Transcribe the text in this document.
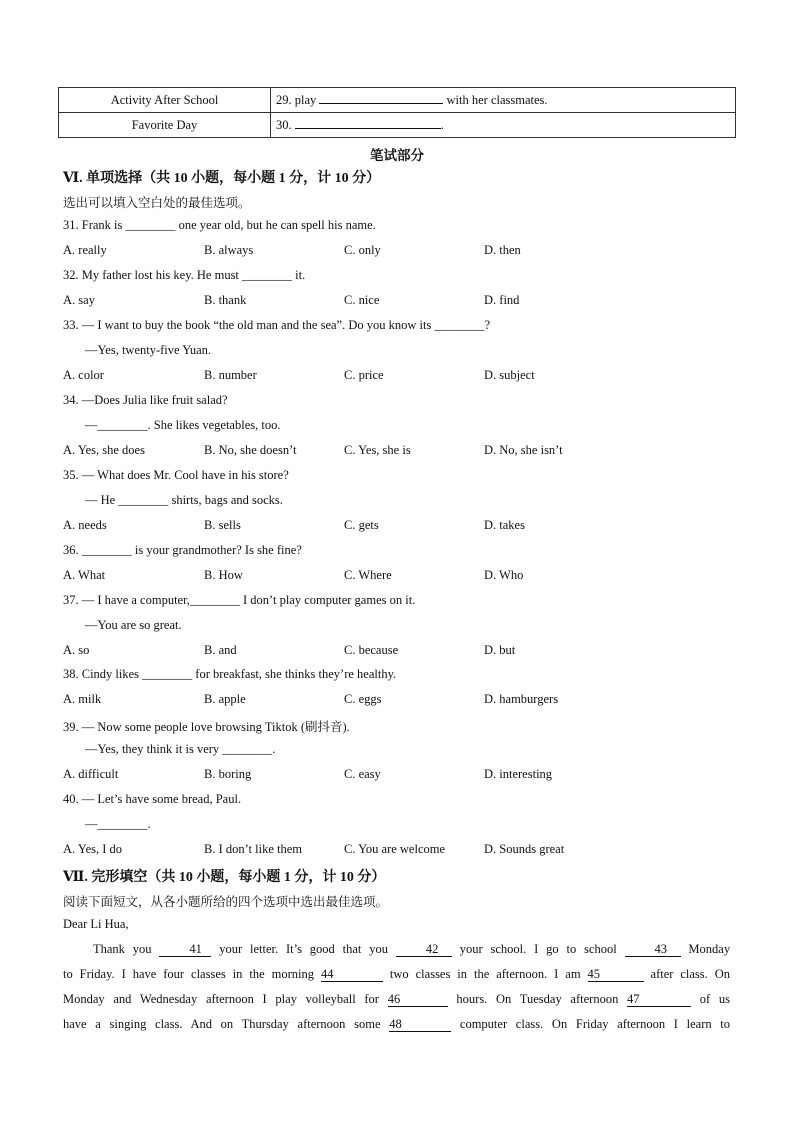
Activity After School	29. play with her classmates.
Favorite Day	30. .
笔试部分
Ⅵ. 单项选择（共 10 小题，每小题 1 分，计 10 分）
选出可以填入空白处的最佳选项。
31. Frank is ________ one year old, but he can spell his name.
A. really	B. always	C. only	D. then
32. My father lost his key. He must ________ it.
A. say	B. thank	C. nice	D. find
33. — I want to buy the book “the old man and the sea”. Do you know its ________?
—Yes, twenty-five Yuan.
A. color	B. number	C. price	D. subject
34. —Does Julia like fruit salad?
—________. She likes vegetables, too.
A. Yes, she does	B. No, she doesn’t	C. Yes, she is	D. No, she isn’t
35. — What does Mr. Cool have in his store?
— He ________ shirts, bags and socks.
A. needs	B. sells	C. gets	D. takes
36. ________ is your grandmother? Is she fine?
A. What	B. How	C. Where	D. Who
37. — I have a computer,________ I don’t play computer games on it.
—You are so great.
A. so	B. and	C. because	D. but
38. Cindy likes ________ for breakfast, she thinks they’re healthy.
A. milk	B. apple	C. eggs	D. hamburgers
39. — Now some people love browsing Tiktok (刷抖音).
—Yes, they think it is very ________.
A. difficult	B. boring	C. easy	D. interesting
40. — Let’s have some bread, Paul.
—________.
A. Yes, I do	B. I don’t like them	C. You are welcome	D. Sounds great
Ⅶ. 完形填空（共 10 小题，每小题 1 分，计 10 分）
阅读下面短文，从各小题所给的四个选项中选出最佳选项。
Dear Li Hua,
Thank you	41 your letter. It’s good that you	42 your school. I go to school	43 Monday
to Friday. I have four classes in the morning 44	two classes in the afternoon. I am 45	after class. On
Monday and Wednesday afternoon I play volleyball for 46	hours. On Tuesday afternoon 47	of us
have a singing class. And on Thursday afternoon some 48	computer class. On Friday afternoon I learn to
